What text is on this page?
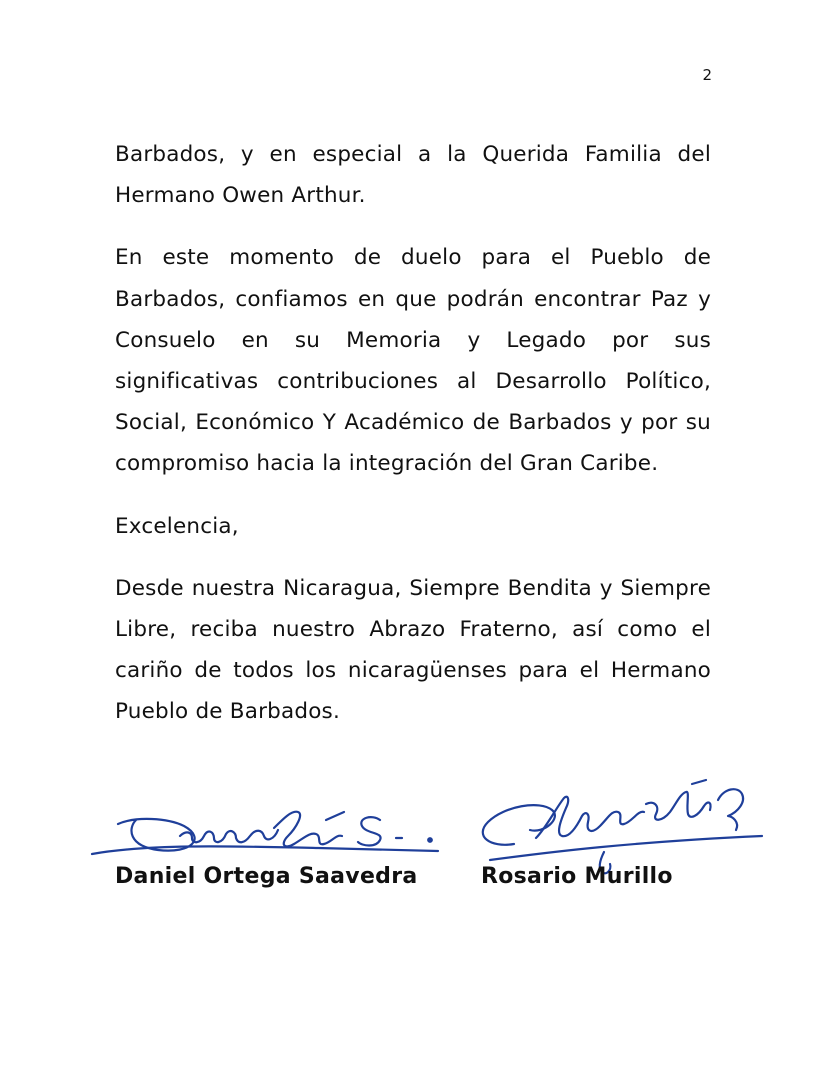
2

Barbados, y en especial a la Querida Familia del Hermano Owen Arthur.

En este momento de duelo para el Pueblo de Barbados, confiamos en que podrán encontrar Paz y Consuelo en su Memoria y Legado por sus significativas contribuciones al Desarrollo Político, Social, Económico Y Académico de Barbados y por su compromiso hacia la integración del Gran Caribe.

Excelencia,

Desde nuestra Nicaragua, Siempre Bendita y Siempre Libre, reciba nuestro Abrazo Fraterno, así como el cariño de todos los nicaragüenses para el Hermano Pueblo de Barbados.

Daniel Ortega Saavedra	Rosario Murillo
